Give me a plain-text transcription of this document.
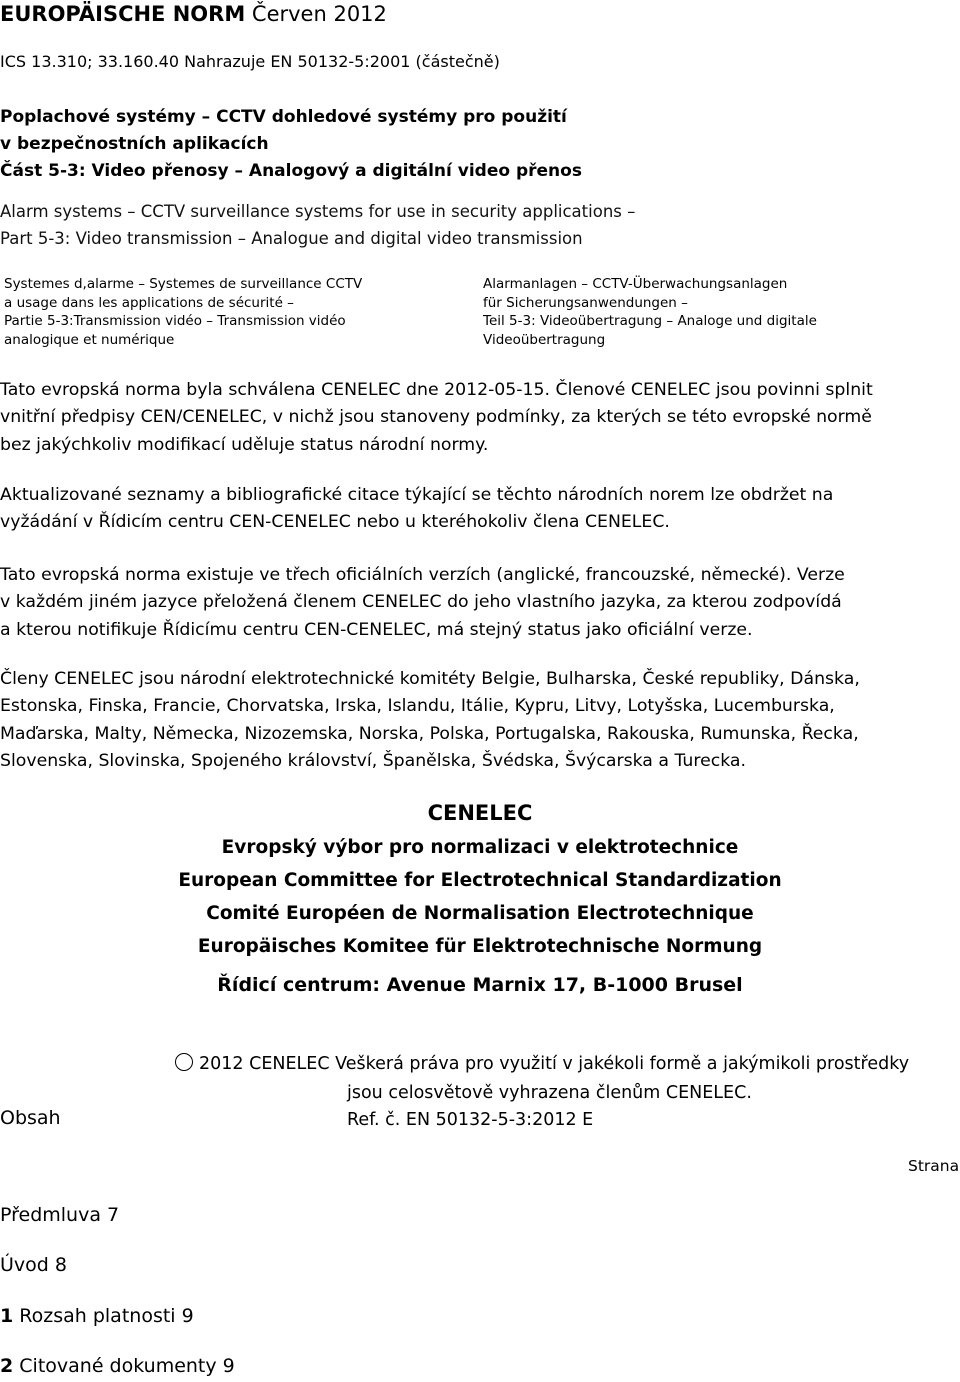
EUROPÄISCHE NORM Červen 2012
ICS 13.310; 33.160.40 Nahrazuje EN 50132-5:2001 (částečně)
Poplachové systémy – CCTV dohledové systémy pro použití
v bezpečnostních aplikacích
Část 5-3: Video přenosy – Analogový a digitální video přenos
Alarm systems – CCTV surveillance systems for use in security applications –
Part 5-3: Video transmission – Analogue and digital video transmission
Systemes d,alarme – Systemes de surveillance CCTV
a usage dans les applications de sécurité –
Partie 5-3:Transmission vidéo – Transmission vidéo
analogique et numérique
Alarmanlagen – CCTV-Überwachungsanlagen
für Sicherungsanwendungen –
Teil 5-3: Videoübertragung – Analoge und digitale
Videoübertragung
Tato evropská norma byla schválena CENELEC dne 2012-05-15. Členové CENELEC jsou povinni splnit
vnitřní předpisy CEN/CENELEC, v nichž jsou stanoveny podmínky, za kterých se této evropské normě
bez jakýchkoliv modifikací uděluje status národní normy.
Aktualizované seznamy a bibliografické citace týkající se těchto národních norem lze obdržet na
vyžádání v Řídicím centru CEN-CENELEC nebo u kteréhokoliv člena CENELEC.
Tato evropská norma existuje ve třech oficiálních verzích (anglické, francouzské, německé). Verze
v každém jiném jazyce přeložená členem CENELEC do jeho vlastního jazyka, za kterou zodpovídá
a kterou notifikuje Řídicímu centru CEN-CENELEC, má stejný status jako oficiální verze.
Členy CENELEC jsou národní elektrotechnické komitéty Belgie, Bulharska, České republiky, Dánska,
Estonska, Finska, Francie, Chorvatska, Irska, Islandu, Itálie, Kypru, Litvy, Lotyšska, Lucemburska,
Maďarska, Malty, Německa, Nizozemska, Norska, Polska, Portugalska, Rakouska, Rumunska, Řecka,
Slovenska, Slovinska, Spojeného království, Španělska, Švédska, Švýcarska a Turecka.
CENELEC
Evropský výbor pro normalizaci v elektrotechnice
European Committee for Electrotechnical Standardization
Comité Européen de Normalisation Electrotechnique
Europäisches Komitee für Elektrotechnische Normung
Řídicí centrum: Avenue Marnix 17, B-1000 Brusel
2012 CENELEC Veškerá práva pro využití v jakékoli formě a jakýmikoli prostředky
jsou celosvětově vyhrazena členům CENELEC.
Ref. č. EN 50132-5-3:2012 E
Obsah
Strana
Předmluva 7
Úvod 8
1 Rozsah platnosti 9
2 Citované dokumenty 9
